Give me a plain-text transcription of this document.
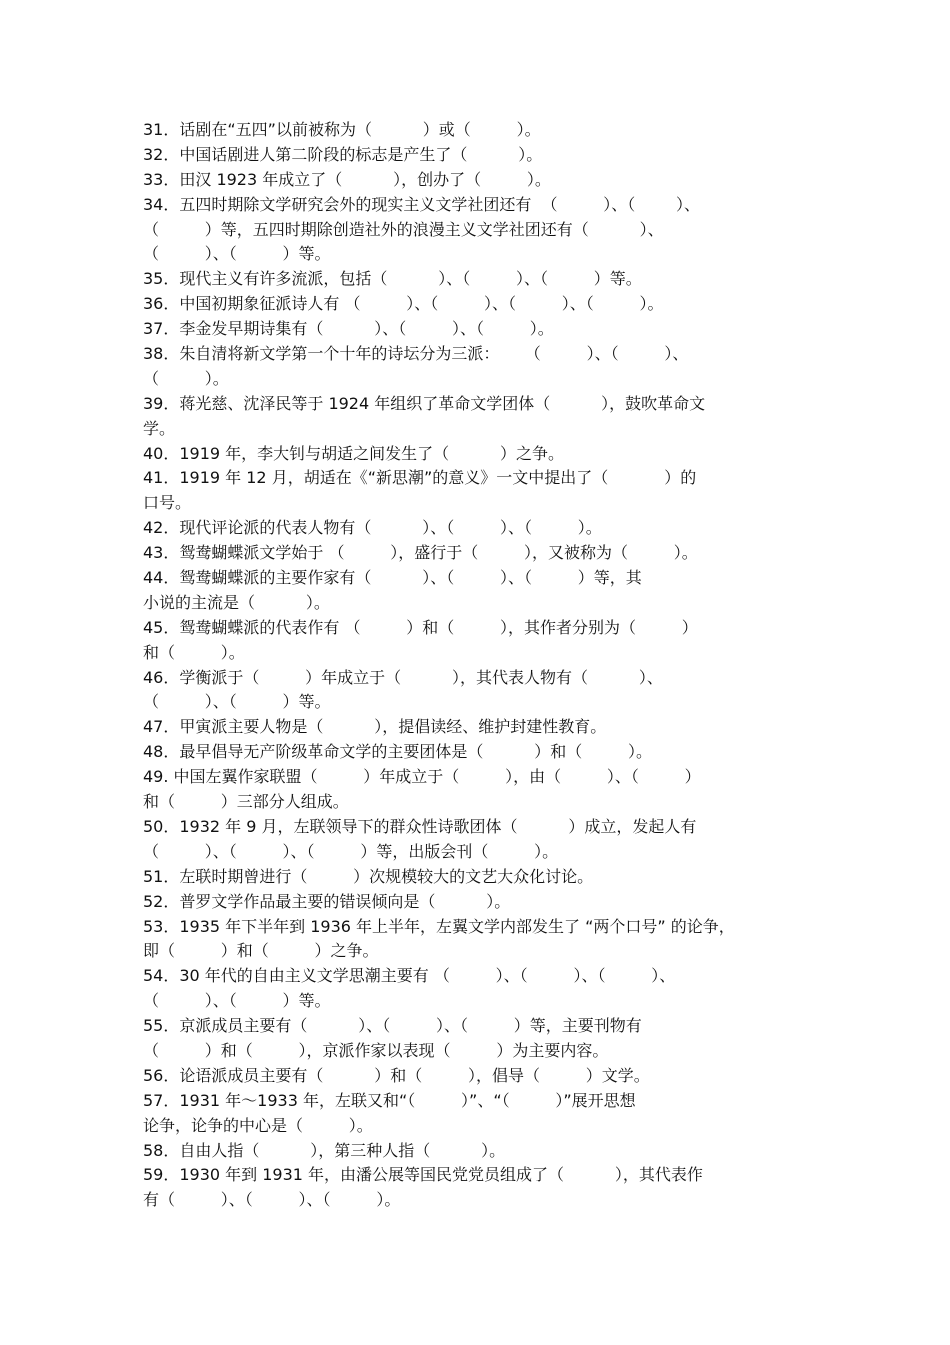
31．话剧在“五四”以前被称为（          ）或（         ）。
32．中国话剧进人第二阶段的标志是产生了（          ）。
33．田汉 1923 年成立了（          ），创办了（         ）。
34．五四时期除文学研究会外的现实主义文学社团还有  （         ）、（        ）、
（         ）等，五四时期除创造社外的浪漫主义文学社团还有（          ）、
（         ）、（         ）等。
35．现代主义有许多流派，包括（          ）、（         ）、（         ）等。
36．中国初期象征派诗人有 （         ）、（         ）、（         ）、（         ）。
37．李金发早期诗集有（          ）、（         ）、（         ）。
38．朱自清将新文学第一个十年的诗坛分为三派：     （         ）、（         ）、
（         ）。
39．蒋光慈、沈泽民等于 1924 年组织了革命文学团体（          ），鼓吹革命文
学。
40．1919 年，李大钊与胡适之间发生了（          ）之争。
41．1919 年 12 月，胡适在《“新思潮”的意义》一文中提出了（           ）的
口号。
42．现代评论派的代表人物有（          ）、（         ）、（         ）。
43．鸳鸯蝴蝶派文学始于 （         ），盛行于（         ），又被称为（         ）。
44．鸳鸯蝴蝶派的主要作家有（          ）、（         ）、（         ）等，其
小说的主流是（          ）。
45．鸳鸯蝴蝶派的代表作有 （         ）和（         ），其作者分别为（         ）
和（         ）。
46．学衡派于（         ）年成立于（          ），其代表人物有（          ）、
（         ）、（         ）等。
47．甲寅派主要人物是（          ），提倡读经、维护封建性教育。
48．最早倡导无产阶级革命文学的主要团体是（          ）和（         ）。
49. 中国左翼作家联盟（         ）年成立于（         ），由（         ）、（         ）
和（         ）三部分人组成。
50．1932 年 9 月，左联领导下的群众性诗歌团体（          ）成立，发起人有
（         ）、（         ）、（         ）等，出版会刊（         ）。
51．左联时期曾进行（         ）次规模较大的文艺大众化讨论。
52．普罗文学作品最主要的错误倾向是（          ）。
53．1935 年下半年到 1936 年上半年，左翼文学内部发生了 “两个口号” 的论争，
即（         ）和（         ）之争。
54．30 年代的自由主义文学思潮主要有 （         ）、（         ）、（         ）、
（         ）、（         ）等。
55．京派成员主要有（          ）、（         ）、（         ）等，主要刊物有
（         ）和（         ），京派作家以表现（         ）为主要内容。
56．论语派成员主要有（          ）和（         ），倡导（         ）文学。
57．1931 年～1933 年，左联又和“（         ）”、“（         ）”展开思想
论争，论争的中心是（         ）。
58．自由人指（          ），第三种人指（          ）。
59．1930 年到 1931 年，由潘公展等国民党党员组成了（          ），其代表作
有（         ）、（         ）、（         ）。
